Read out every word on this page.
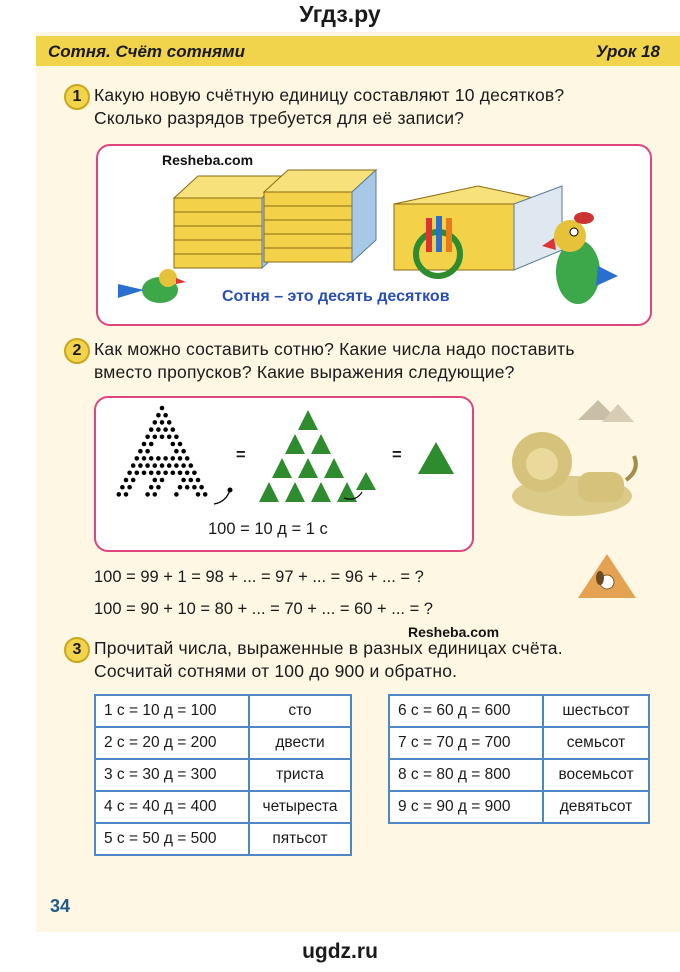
Угдз.ру
Сотня. Счёт сотнями	Урок 18
1 Какую новую счётную единицу составляют 10 десятков?
Сколько разрядов требуется для её записи?
Resheba.com
Сотня – это десять десятков
2 Как можно составить сотню? Какие числа надо поставить
вместо пропусков? Какие выражения следующие?
=	=
100 = 10 д = 1 с
100 = 99 + 1 = 98 + ... = 97 + ... = 96 + ... = ?
100 = 90 + 10 = 80 + ... = 70 + ... = 60 + ... = ?
Resheba.com
3 Прочитай числа, выраженные в разных единицах счёта.
Сосчитай сотнями от 100 до 900 и обратно.
1 с = 10 д = 100	сто
2 с = 20 д = 200	двести
3 с = 30 д = 300	триста
4 с = 40 д = 400	четыреста
5 с = 50 д = 500	пятьсот
6 с = 60 д = 600	шестьсот
7 с = 70 д = 700	семьсот
8 с = 80 д = 800	восемьсот
9 с = 90 д = 900	девятьсот
34
ugdz.ru
